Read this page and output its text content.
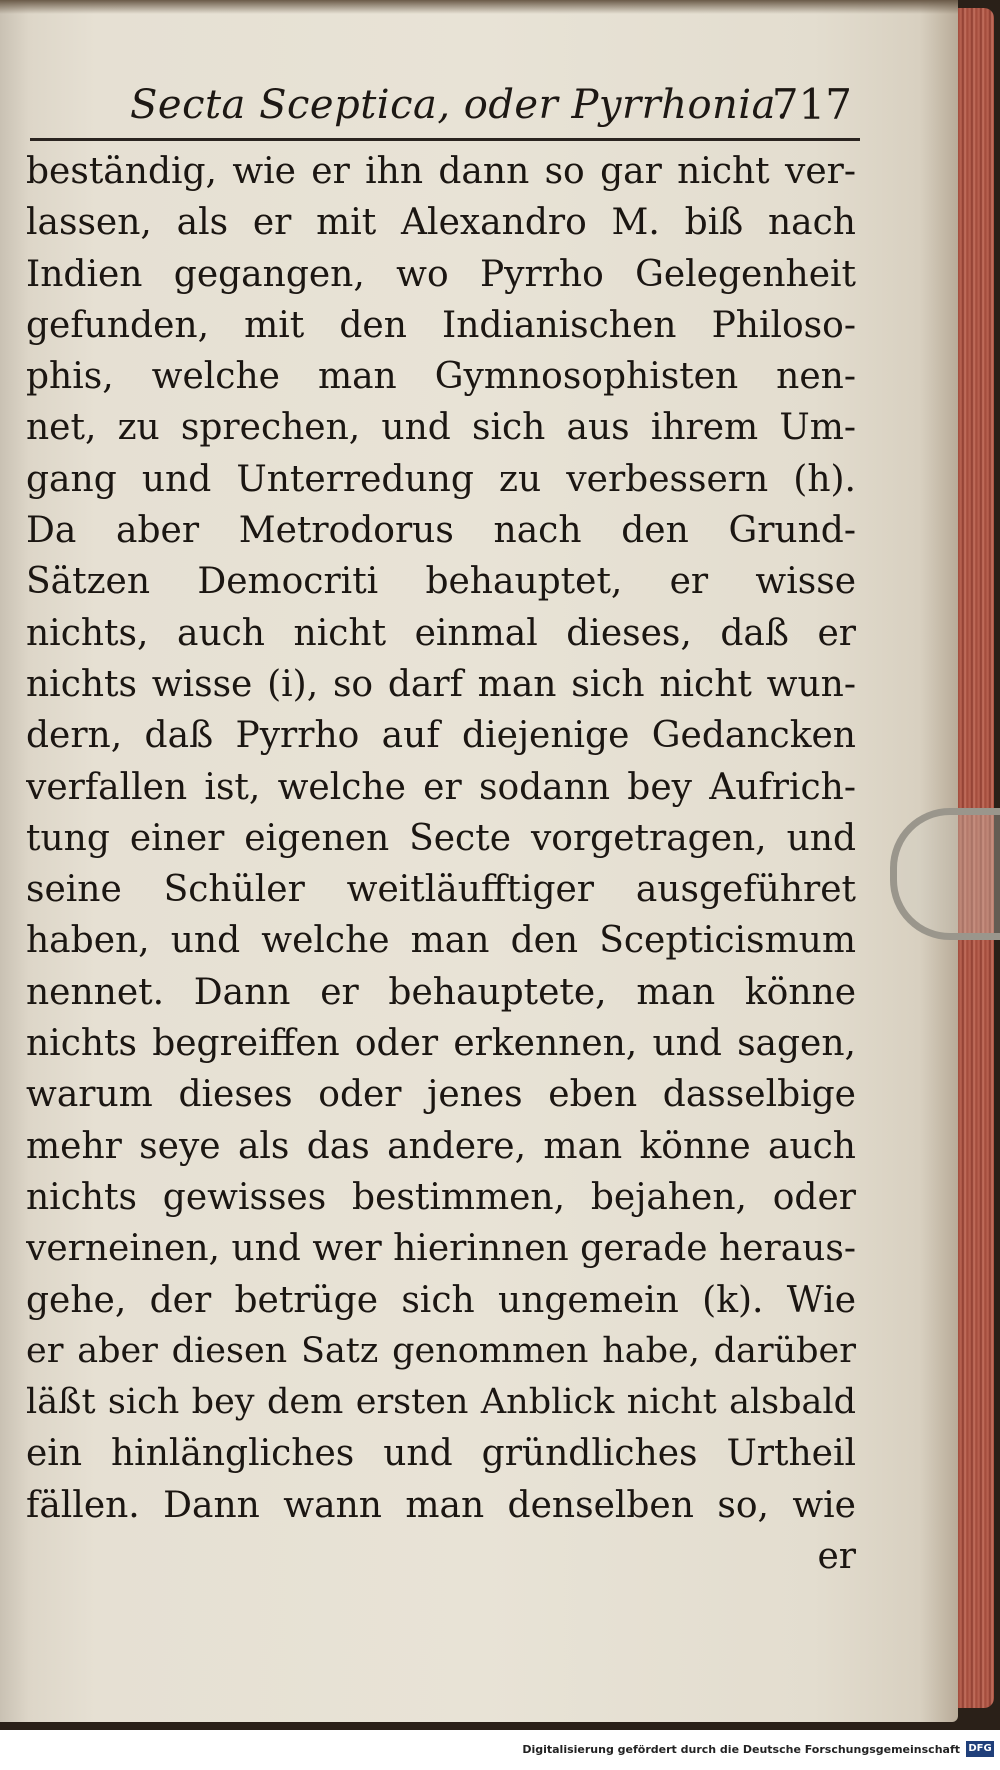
Secta Sceptica, oder Pyrrhonia.
717
beständig, wie er ihn dann so gar nicht ver-
lassen, als er mit Alexandro M. biß nach
Indien gegangen, wo Pyrrho Gelegenheit
gefunden, mit den Indianischen Philoso-
phis, welche man Gymnosophisten nen-
net, zu sprechen, und sich aus ihrem Um-
gang und Unterredung zu verbessern (h).
Da aber Metrodorus nach den Grund-
Sätzen Democriti behauptet, er wisse
nichts, auch nicht einmal dieses, daß er
nichts wisse (i), so darf man sich nicht wun-
dern, daß Pyrrho auf diejenige Gedancken
verfallen ist, welche er sodann bey Aufrich-
tung einer eigenen Secte vorgetragen, und
seine Schüler weitläufftiger ausgeführet
haben, und welche man den Scepticismum
nennet. Dann er behauptete, man könne
nichts begreiffen oder erkennen, und sagen,
warum dieses oder jenes eben dasselbige
mehr seye als das andere, man könne auch
nichts gewisses bestimmen, bejahen, oder
verneinen, und wer hierinnen gerade heraus-
gehe, der betrüge sich ungemein (k). Wie
er aber diesen Satz genommen habe, darüber
läßt sich bey dem ersten Anblick nicht alsbald
ein hinlängliches und gründliches Urtheil
fällen. Dann wann man denselben so, wie
er
Digitalisierung gefördert durch die Deutsche Forschungsgemeinschaft DFG
